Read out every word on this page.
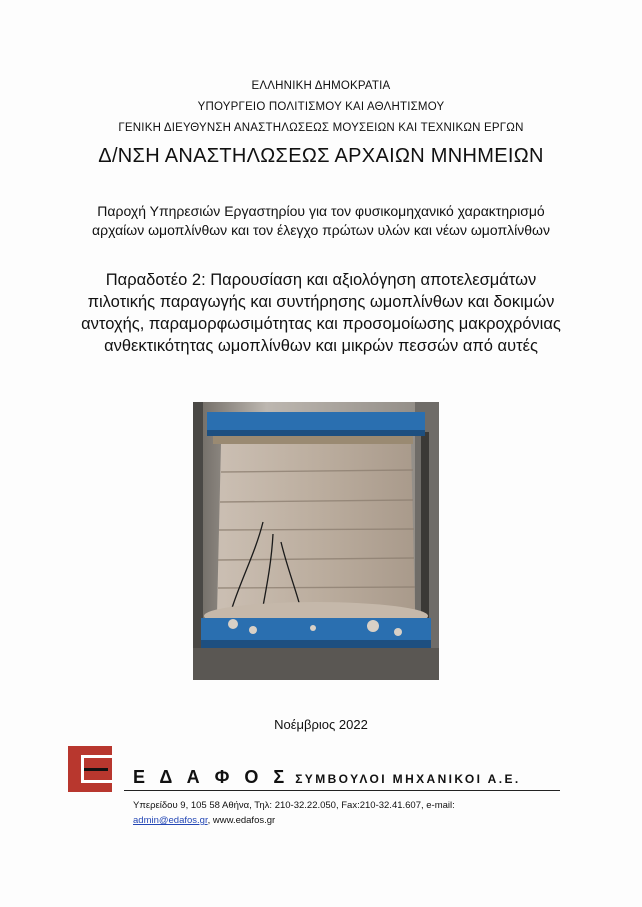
ΕΛΛΗΝΙΚΗ ΔΗΜΟΚΡΑΤΙΑ
ΥΠΟΥΡΓΕΙΟ ΠΟΛΙΤΙΣΜΟΥ ΚΑΙ ΑΘΛΗΤΙΣΜΟΥ
ΓΕΝΙΚΗ ΔΙΕΥΘΥΝΣΗ ΑΝΑΣΤΗΛΩΣΕΩΣ ΜΟΥΣΕΙΩΝ ΚΑΙ ΤΕΧΝΙΚΩΝ ΕΡΓΩΝ
Δ/ΝΣΗ ΑΝΑΣΤΗΛΩΣΕΩΣ ΑΡΧΑΙΩΝ ΜΝΗΜΕΙΩΝ
Παροχή Υπηρεσιών Εργαστηρίου για τον φυσικομηχανικό χαρακτηρισμό
αρχαίων ωμοπλίνθων και τον έλεγχο πρώτων υλών και νέων ωμοπλίνθων
Παραδοτέο 2: Παρουσίαση και αξιολόγηση αποτελεσμάτων
πιλοτικής παραγωγής και συντήρησης ωμοπλίνθων και δοκιμών
αντοχής, παραμορφωσιμότητας και προσομοίωσης μακροχρόνιας
ανθεκτικότητας ωμοπλίνθων και μικρών πεσσών από αυτές
Νοέμβριος 2022
Ε Δ Α Φ Ο Σ ΣΥΜΒΟΥΛΟΙ ΜΗΧΑΝΙΚΟΙ Α.Ε.
Υπερείδου 9, 105 58 Αθήνα, Τηλ: 210-32.22.050, Fax:210-32.41.607, e-mail:
admin@edafos.gr, www.edafos.gr
